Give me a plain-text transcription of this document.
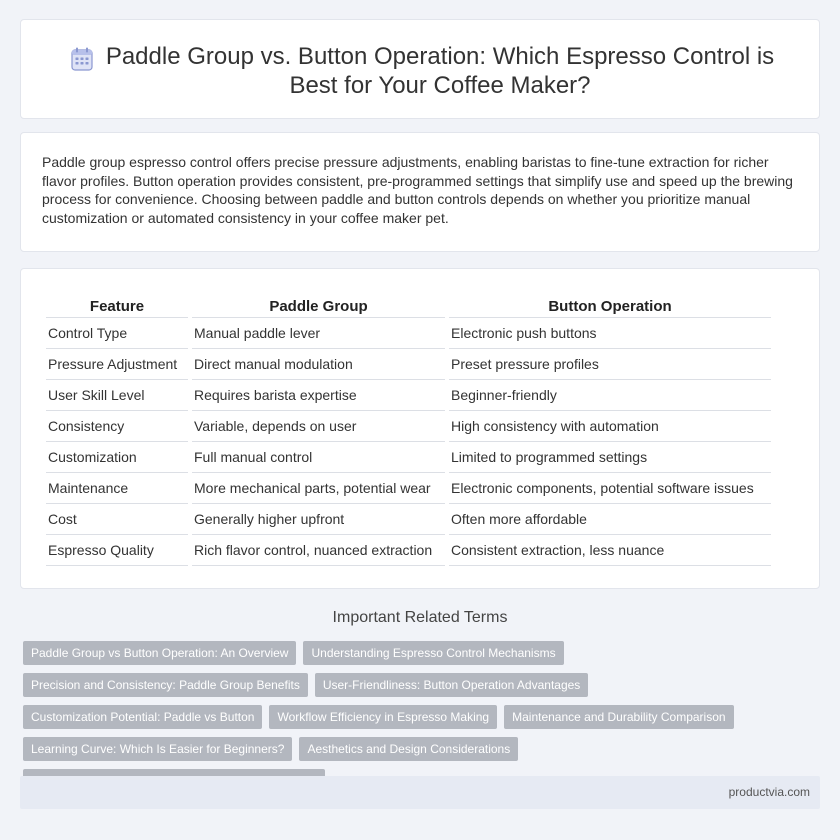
Paddle Group vs. Button Operation: Which Espresso Control is Best for Your Coffee Maker?

Paddle group espresso control offers precise pressure adjustments, enabling baristas to fine-tune extraction for richer flavor profiles. Button operation provides consistent, pre-programmed settings that simplify use and speed up the brewing process for convenience. Choosing between paddle and button controls depends on whether you prioritize manual customization or automated consistency in your coffee maker pet.

Feature	Paddle Group	Button Operation
Control Type	Manual paddle lever	Electronic push buttons
Pressure Adjustment	Direct manual modulation	Preset pressure profiles
User Skill Level	Requires barista expertise	Beginner-friendly
Consistency	Variable, depends on user	High consistency with automation
Customization	Full manual control	Limited to programmed settings
Maintenance	More mechanical parts, potential wear	Electronic components, potential software issues
Cost	Generally higher upfront	Often more affordable
Espresso Quality	Rich flavor control, nuanced extraction	Consistent extraction, less nuance
Important Related Terms
Paddle Group vs Button Operation: An Overview	Understanding Espresso Control Mechanisms
Precision and Consistency: Paddle Group Benefits	User-Friendliness: Button Operation Advantages
Customization Potential: Paddle vs Button	Workflow Efficiency in Espresso Making	Maintenance and Durability Comparison
Learning Curve: Which Is Easier for Beginners?	Aesthetics and Design Considerations
productvia.com
